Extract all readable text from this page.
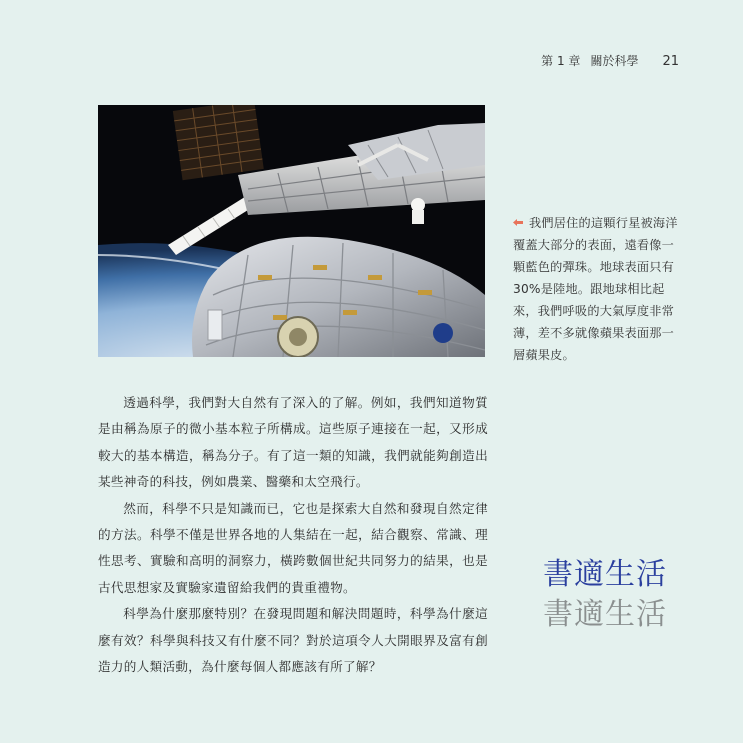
第 1 章 關於科學 21
我們居住的這顆行星被海洋覆蓋大部分的表面，遠看像一顆藍色的彈珠。地球表面只有30%是陸地。跟地球相比起來，我們呼吸的大氣厚度非常薄，差不多就像蘋果表面那一層蘋果皮。

透過科學，我們對大自然有了深入的了解。例如，我們知道物質是由稱為原子的微小基本粒子所構成。這些原子連接在一起，又形成較大的基本構造，稱為分子。有了這一類的知識，我們就能夠創造出某些神奇的科技，例如農業、醫藥和太空飛行。

然而，科學不只是知識而已，它也是探索大自然和發現自然定律的方法。科學不僅是世界各地的人集結在一起，結合觀察、常識、理性思考、實驗和高明的洞察力，橫跨數個世紀共同努力的結果，也是古代思想家及實驗家遺留給我們的貴重禮物。

科學為什麼那麼特別？在發現問題和解決問題時，科學為什麼這麼有效？科學與科技又有什麼不同？對於這項令人大開眼界及富有創造力的人類活動，為什麼每個人都應該有所了解？

書適生活
書適生活
